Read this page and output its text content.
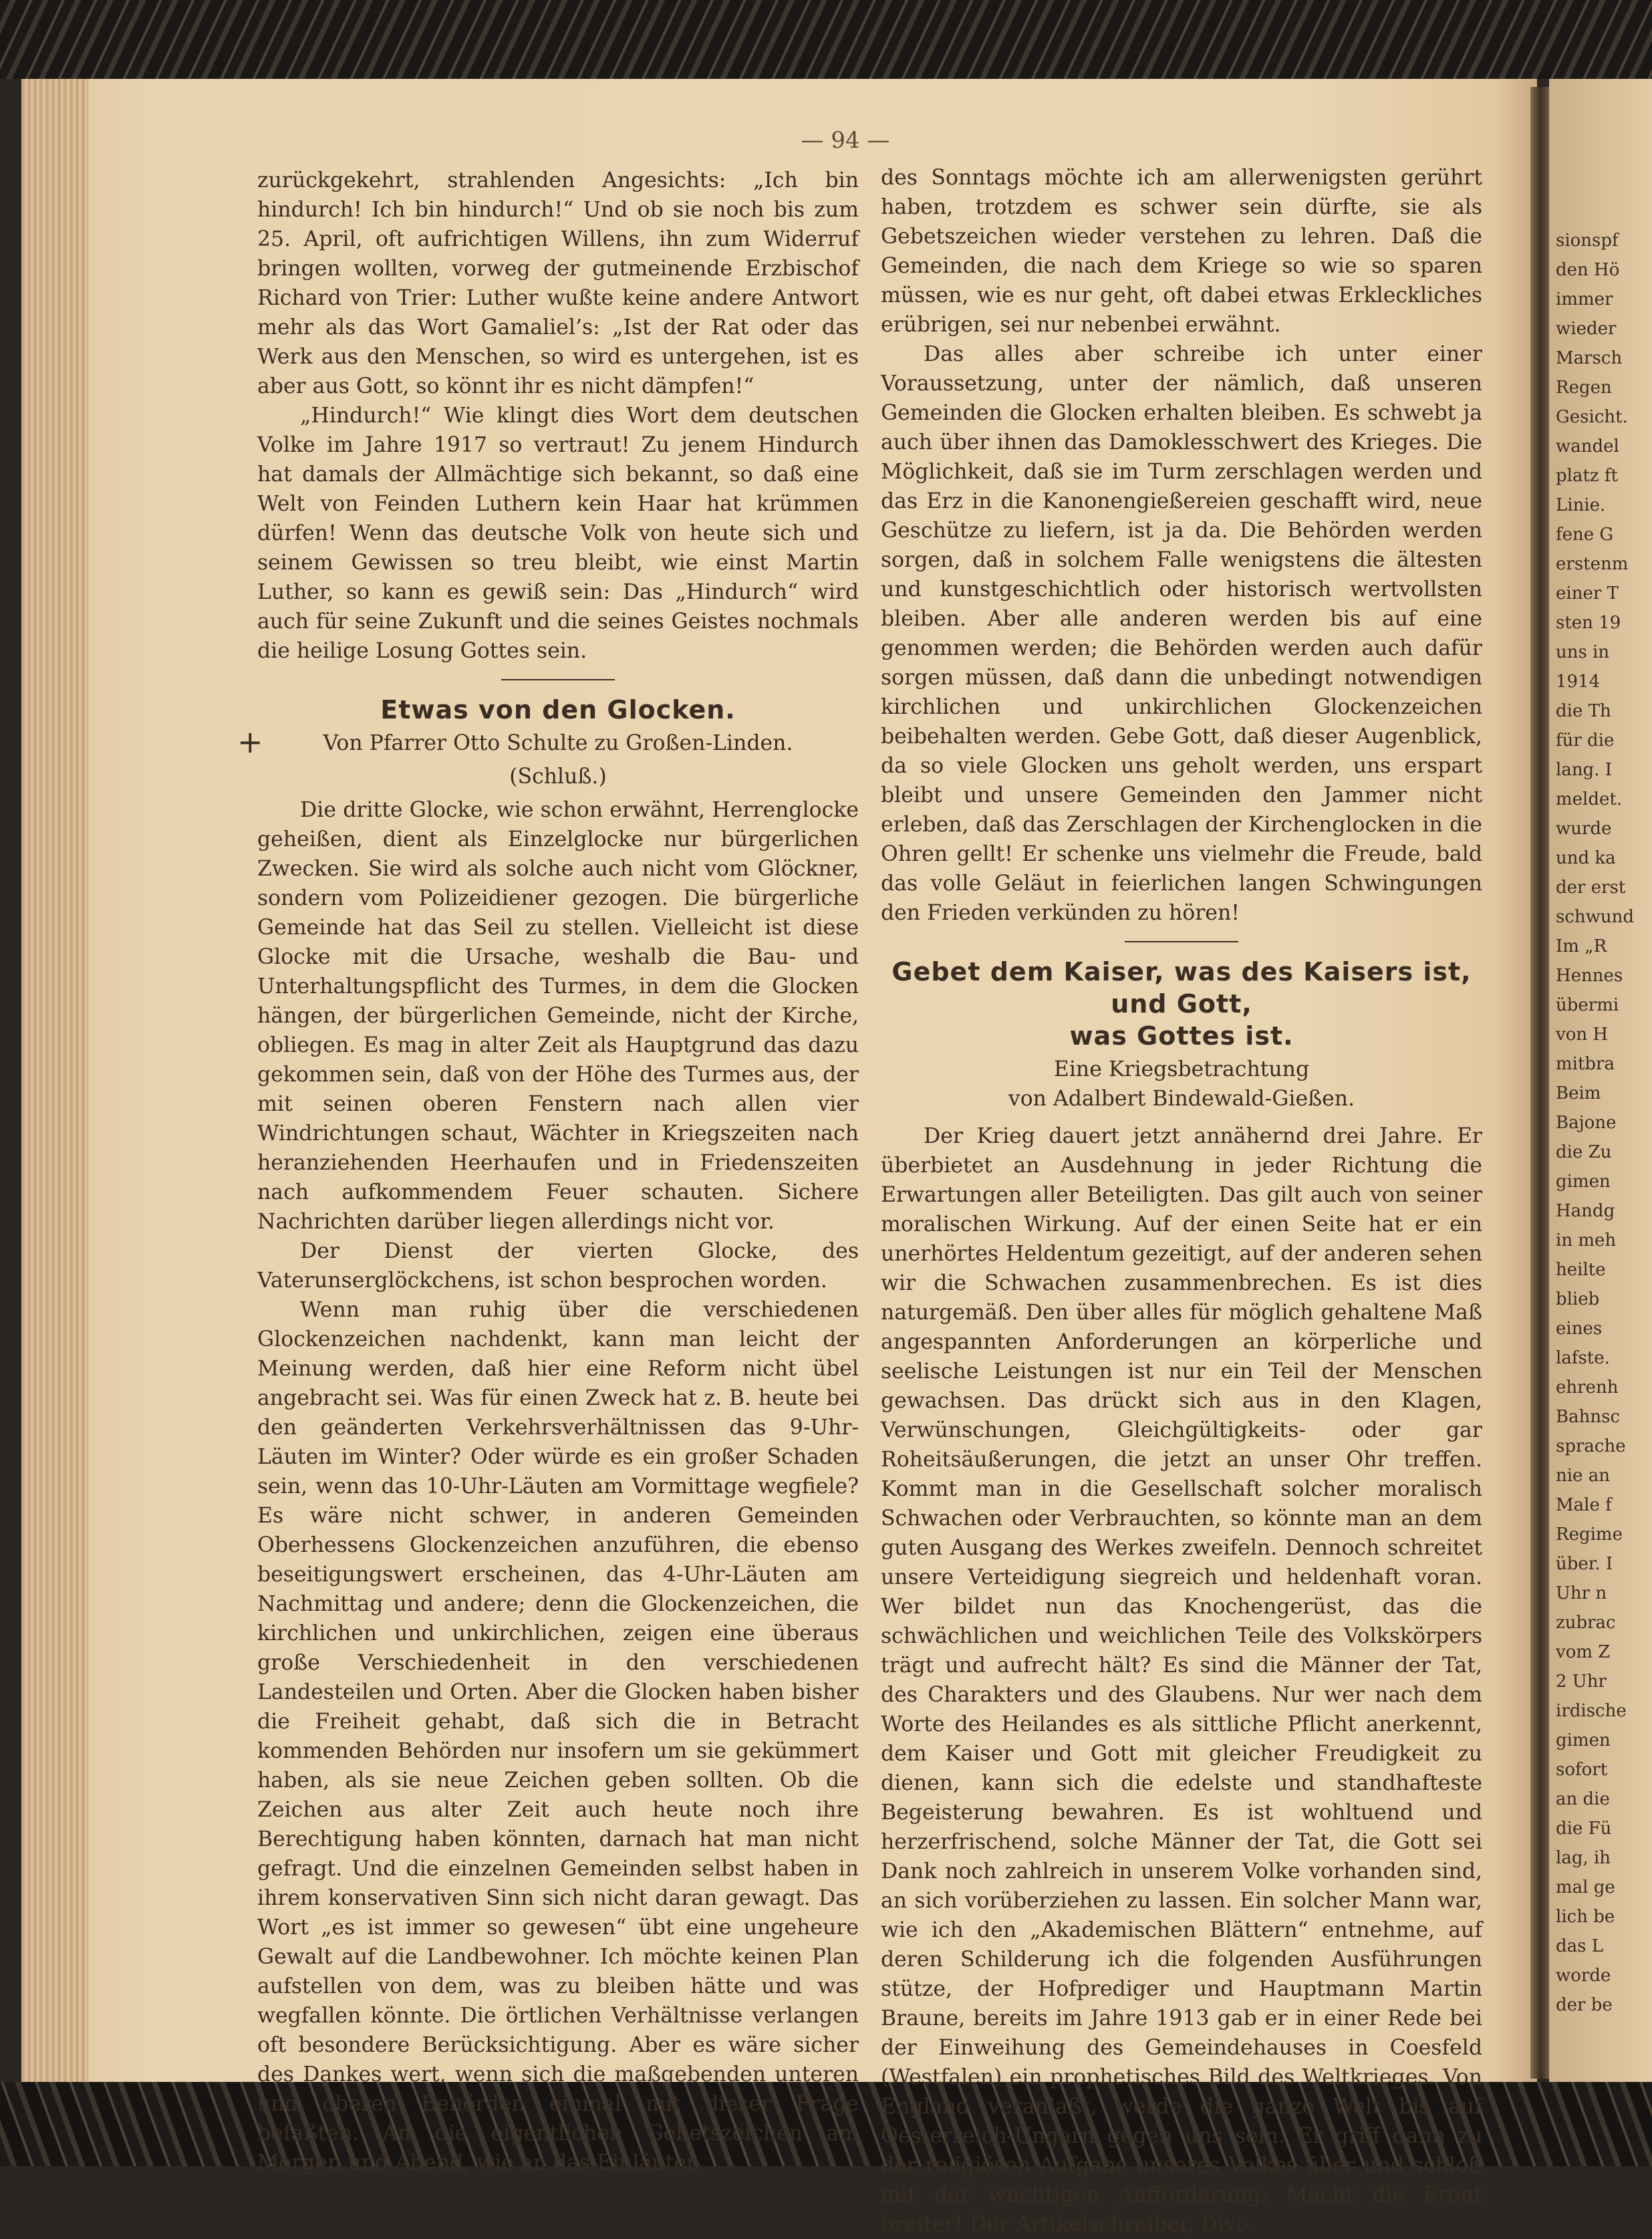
— 94 —
+

zurückgekehrt, strahlenden Angesichts: „Ich bin hindurch! Ich bin hindurch!“ Und ob sie noch bis zum 25. April, oft aufrichtigen Willens, ihn zum Widerruf bringen wollten, vorweg der gutmeinende Erzbischof Richard von Trier: Luther wußte keine andere Antwort mehr als das Wort Gamaliel’s: „Ist der Rat oder das Werk aus den Menschen, so wird es untergehen, ist es aber aus Gott, so könnt ihr es nicht dämpfen!“

„Hindurch!“ Wie klingt dies Wort dem deutschen Volke im Jahre 1917 so vertraut! Zu jenem Hindurch hat damals der Allmächtige sich bekannt, so daß eine Welt von Feinden Luthern kein Haar hat krümmen dürfen! Wenn das deutsche Volk von heute sich und seinem Gewissen so treu bleibt, wie einst Martin Luther, so kann es gewiß sein: Das „Hindurch“ wird auch für seine Zukunft und die seines Geistes nochmals die heilige Losung Gottes sein.

Etwas von den Glocken.
Von Pfarrer Otto Schulte zu Großen-Linden.
(Schluß.)

Die dritte Glocke, wie schon erwähnt, Herrenglocke geheißen, dient als Einzelglocke nur bürgerlichen Zwecken. Sie wird als solche auch nicht vom Glöckner, sondern vom Polizeidiener gezogen. Die bürgerliche Gemeinde hat das Seil zu stellen. Vielleicht ist diese Glocke mit die Ursache, weshalb die Bau- und Unterhaltungspflicht des Turmes, in dem die Glocken hängen, der bürgerlichen Gemeinde, nicht der Kirche, obliegen. Es mag in alter Zeit als Hauptgrund das dazu gekommen sein, daß von der Höhe des Turmes aus, der mit seinen oberen Fenstern nach allen vier Windrichtungen schaut, Wächter in Kriegszeiten nach heranziehenden Heerhaufen und in Friedenszeiten nach aufkommendem Feuer schauten. Sichere Nachrichten darüber liegen allerdings nicht vor.

Der Dienst der vierten Glocke, des Vaterunserglöckchens, ist schon besprochen worden.

Wenn man ruhig über die verschiedenen Glockenzeichen nachdenkt, kann man leicht der Meinung werden, daß hier eine Reform nicht übel angebracht sei. Was für einen Zweck hat z. B. heute bei den geänderten Verkehrsverhältnissen das 9-Uhr-Läuten im Winter? Oder würde es ein großer Schaden sein, wenn das 10-Uhr-Läuten am Vormittage wegfiele? Es wäre nicht schwer, in anderen Gemeinden Oberhessens Glockenzeichen anzuführen, die ebenso beseitigungswert erscheinen, das 4-Uhr-Läuten am Nachmittag und andere; denn die Glockenzeichen, die kirchlichen und unkirchlichen, zeigen eine überaus große Verschiedenheit in den verschiedenen Landesteilen und Orten. Aber die Glocken haben bisher die Freiheit gehabt, daß sich die in Betracht kommenden Behörden nur insofern um sie gekümmert haben, als sie neue Zeichen geben sollten. Ob die Zeichen aus alter Zeit auch heute noch ihre Berechtigung haben könnten, darnach hat man nicht gefragt. Und die einzelnen Gemeinden selbst haben in ihrem konservativen Sinn sich nicht daran gewagt. Das Wort „es ist immer so gewesen“ übt eine ungeheure Gewalt auf die Landbewohner. Ich möchte keinen Plan aufstellen von dem, was zu bleiben hätte und was wegfallen könnte. Die örtlichen Verhältnisse verlangen oft besondere Berücksichtigung. Aber es wäre sicher des Dankes wert, wenn sich die maßgebenden unteren und oberen Behörden einmal mit dieser Frage befaßten. An die eigentlichen Gebetszeichen am Morgen und Abend, wie an das Einläuten

des Sonntags möchte ich am allerwenigsten gerührt haben, trotzdem es schwer sein dürfte, sie als Gebetszeichen wieder verstehen zu lehren. Daß die Gemeinden, die nach dem Kriege so wie so sparen müssen, wie es nur geht, oft dabei etwas Erkleckliches erübrigen, sei nur nebenbei erwähnt.

Das alles aber schreibe ich unter einer Voraussetzung, unter der nämlich, daß unseren Gemeinden die Glocken erhalten bleiben. Es schwebt ja auch über ihnen das Damoklesschwert des Krieges. Die Möglichkeit, daß sie im Turm zerschlagen werden und das Erz in die Kanonengießereien geschafft wird, neue Geschütze zu liefern, ist ja da. Die Behörden werden sorgen, daß in solchem Falle wenigstens die ältesten und kunstgeschichtlich oder historisch wertvollsten bleiben. Aber alle anderen werden bis auf eine genommen werden; die Behörden werden auch dafür sorgen müssen, daß dann die unbedingt notwendigen kirchlichen und unkirchlichen Glockenzeichen beibehalten werden. Gebe Gott, daß dieser Augenblick, da so viele Glocken uns geholt werden, uns erspart bleibt und unsere Gemeinden den Jammer nicht erleben, daß das Zerschlagen der Kirchenglocken in die Ohren gellt! Er schenke uns vielmehr die Freude, bald das volle Geläut in feierlichen langen Schwingungen den Frieden verkünden zu hören!

Gebet dem Kaiser, was des Kaisers ist, und Gott,
was Gottes ist.
Eine Kriegsbetrachtung
von Adalbert Bindewald-Gießen.

Der Krieg dauert jetzt annähernd drei Jahre. Er überbietet an Ausdehnung in jeder Richtung die Erwartungen aller Beteiligten. Das gilt auch von seiner moralischen Wirkung. Auf der einen Seite hat er ein unerhörtes Heldentum gezeitigt, auf der anderen sehen wir die Schwachen zusammenbrechen. Es ist dies naturgemäß. Den über alles für möglich gehaltene Maß angespannten Anforderungen an körperliche und seelische Leistungen ist nur ein Teil der Menschen gewachsen. Das drückt sich aus in den Klagen, Verwünschungen, Gleichgültigkeits- oder gar Roheitsäußerungen, die jetzt an unser Ohr treffen. Kommt man in die Gesellschaft solcher moralisch Schwachen oder Verbrauchten, so könnte man an dem guten Ausgang des Werkes zweifeln. Dennoch schreitet unsere Verteidigung siegreich und heldenhaft voran. Wer bildet nun das Knochengerüst, das die schwächlichen und weichlichen Teile des Volkskörpers trägt und aufrecht hält? Es sind die Männer der Tat, des Charakters und des Glaubens. Nur wer nach dem Worte des Heilandes es als sittliche Pflicht anerkennt, dem Kaiser und Gott mit gleicher Freudigkeit zu dienen, kann sich die edelste und standhafteste Begeisterung bewahren. Es ist wohltuend und herzerfrischend, solche Männer der Tat, die Gott sei Dank noch zahlreich in unserem Volke vorhanden sind, an sich vorüberziehen zu lassen. Ein solcher Mann war, wie ich den „Akademischen Blättern“ entnehme, auf deren Schilderung ich die folgenden Ausführungen stütze, der Hofprediger und Hauptmann Martin Braune, bereits im Jahre 1913 gab er in einer Rede bei der Einweihung des Gemeindehauses in Coesfeld (Westfalen) ein prophetisches Bild des Weltkrieges. Von England veranlaßt, werde die ganze Welt bis auf Oesterreich-Ungarn gegen uns sein. Er griff dann zu der religiösen Aufgabe unseres Volkes über und schloß mit der wuchtigen Aufforderung: Macht die Front breiter! Der Artikelschreiber, Divi-

sionspf
den Hö
immer
wieder
Marsch
Regen
Gesicht.
wandel
platz ft
Linie.
fene G
erstenm
einer T
sten 19
uns in
1914
die Th
für die
lang. I
meldet.
wurde
und ka
der erst
schwund
Im „R
Hennes
übermi
von H
mitbra
Beim
Bajone
die Zu
gimen
Handg
in meh
heilte
blieb
eines
lafste.
ehrenh
Bahnsc
sprache
nie an
Male f
Regime
über. I
Uhr n
zubrac
vom Z
2 Uhr
irdische
gimen
sofort
an die
die Fü
lag, ih
mal ge
lich be
das L
worde
der be
